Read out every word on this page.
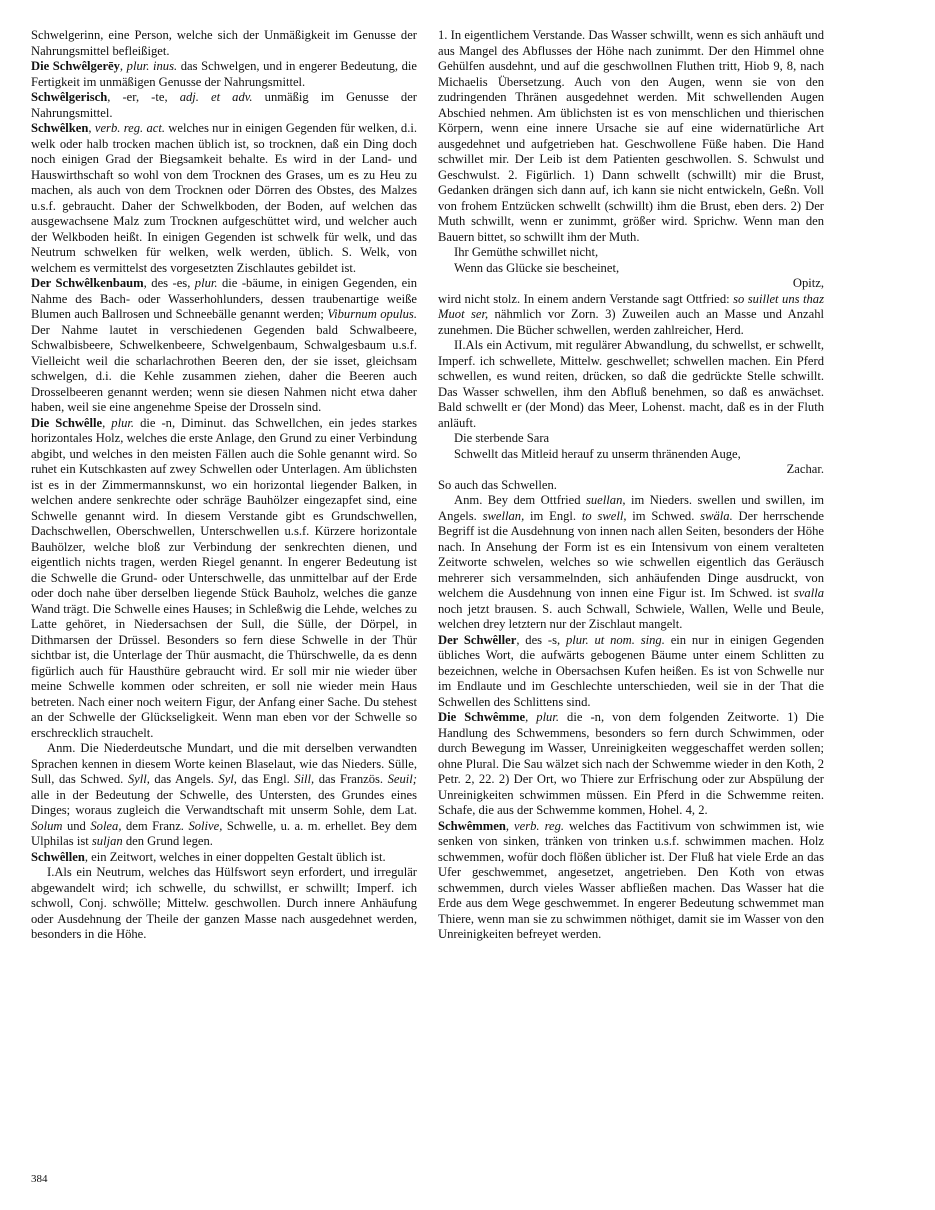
Schwelgerinn, eine Person, welche sich der Unmäßigkeit im Genusse der Nahrungsmittel befleißiget.

Die Schwêlgerēy, plur. inus. das Schwelgen, und in engerer Bedeutung, die Fertigkeit im unmäßigen Genusse der Nahrungsmittel.

Schwêlgerisch, -er, -te, adj. et adv. unmäßig im Genusse der Nahrungsmittel.

Schwêlken, verb. reg. act. welches nur in einigen Gegenden für welken, d.i. welk oder halb trocken machen üblich ist, so trocknen, daß ein Ding doch noch einigen Grad der Biegsamkeit behalte. Es wird in der Land- und Hauswirthschaft so wohl von dem Trocknen des Grases, um es zu Heu zu machen, als auch von dem Trocknen oder Dörren des Obstes, des Malzes u.s.f. gebraucht. Daher der Schwelkboden, der Boden, auf welchen das ausgewachsene Malz zum Trocknen aufgeschüttet wird, und welcher auch der Welkboden heißt. In einigen Gegenden ist schwelk für welk, und das Neutrum schwelken für welken, welk werden, üblich. S. Welk, von welchem es vermittelst des vorgesetzten Zischlautes gebildet ist.

Der Schwêlkenbaum, des -es, plur. die -bäume, in einigen Gegenden, ein Nahme des Bach- oder Wasserhohlunders, dessen traubenartige weiße Blumen auch Ballrosen und Schneebälle genannt werden; Viburnum opulus. Der Nahme lautet in verschiedenen Gegenden bald Schwalbeere, Schwalbisbeere, Schwelkenbeere, Schwelgenbaum, Schwalgesbaum u.s.f. Vielleicht weil die scharlachrothen Beeren den, der sie isset, gleichsam schwelgen, d.i. die Kehle zusammen ziehen, daher die Beeren auch Drosselbeeren genannt werden; wenn sie diesen Nahmen nicht etwa daher haben, weil sie eine angenehme Speise der Drosseln sind.

Die Schwêlle, plur. die -n, Diminut. das Schwellchen, ein jedes starkes horizontales Holz, welches die erste Anlage, den Grund zu einer Verbindung abgibt, und welches in den meisten Fällen auch die Sohle genannt wird. So ruhet ein Kutschkasten auf zwey Schwellen oder Unterlagen. Am üblichsten ist es in der Zimmermannskunst, wo ein horizontal liegender Balken, in welchen andere senkrechte oder schräge Bauhölzer eingezapfet sind, eine Schwelle genannt wird. In diesem Verstande gibt es Grundschwellen, Dachschwellen, Oberschwellen, Unterschwellen u.s.f. Kürzere horizontale Bauhölzer, welche bloß zur Verbindung der senkrechten dienen, und eigentlich nichts tragen, werden Riegel genannt. In engerer Bedeutung ist die Schwelle die Grund- oder Unterschwelle, das unmittelbar auf der Erde oder doch nahe über derselben liegende Stück Bauholz, welches die ganze Wand trägt. Die Schwelle eines Hauses; in Schleßwig die Lehde, welches zu Latte gehöret, in Niedersachsen der Sull, die Sülle, der Dörpel, in Dithmarsen der Drüssel. Besonders so fern diese Schwelle in der Thür sichtbar ist, die Unterlage der Thür ausmacht, die Thürschwelle, da es denn figürlich auch für Hausthüre gebraucht wird. Er soll mir nie wieder über meine Schwelle kommen oder schreiten, er soll nie wieder mein Haus betreten. Nach einer noch weitern Figur, der Anfang einer Sache. Du stehest an der Schwelle der Glückseligkeit. Wenn man eben vor der Schwelle so erschrecklich strauchelt.

Anm. Die Niederdeutsche Mundart, und die mit derselben verwandten Sprachen kennen in diesem Worte keinen Blaselaut, wie das Nieders. Sülle, Sull, das Schwed. Syll, das Angels. Syl, das Engl. Sill, das Französ. Seuil; alle in der Bedeutung der Schwelle, des Untersten, des Grundes eines Dinges; woraus zugleich die Verwandtschaft mit unserm Sohle, dem Lat. Solum und Solea, dem Franz. Solive, Schwelle, u. a. m. erhellet. Bey dem Ulphilas ist suljan den Grund legen.

Schwêllen, ein Zeitwort, welches in einer doppelten Gestalt üblich ist.

I.Als ein Neutrum, welches das Hülfswort seyn erfordert, und irregulär abgewandelt wird; ich schwelle, du schwillst, er schwillt; Imperf. ich schwoll, Conj. schwölle; Mittelw. geschwollen. Durch innere Anhäufung oder Ausdehnung der Theile der ganzen Masse nach ausgedehnet werden, besonders in die Höhe.

1. In eigentlichem Verstande. Das Wasser schwillt, wenn es sich anhäuft und aus Mangel des Abflusses der Höhe nach zunimmt. Der den Himmel ohne Gehülfen ausdehnt, und auf die geschwollnen Fluthen tritt, Hiob 9, 8, nach Michaelis Übersetzung. Auch von den Augen, wenn sie von den zudringenden Thränen ausgedehnet werden. Mit schwellenden Augen Abschied nehmen. Am üblichsten ist es von menschlichen und thierischen Körpern, wenn eine innere Ursache sie auf eine widernatürliche Art ausgedehnet und aufgetrieben hat. Geschwollene Füße haben. Die Hand schwillet mir. Der Leib ist dem Patienten geschwollen. S. Schwulst und Geschwulst. 2. Figürlich. 1) Dann schwellt (schwillt) mir die Brust, Gedanken drängen sich dann auf, ich kann sie nicht entwickeln, Geßn. Voll von frohem Entzücken schwellt (schwillt) ihm die Brust, eben ders. 2) Der Muth schwillt, wenn er zunimmt, größer wird. Sprichw. Wenn man den Bauern bittet, so schwillt ihm der Muth.

Ihr Gemüthe schwillet nicht,

Wenn das Glücke sie bescheinet,

Opitz,

wird nicht stolz. In einem andern Verstande sagt Ottfried: so suillet uns thaz Muot ser, nähmlich vor Zorn. 3) Zuweilen auch an Masse und Anzahl zunehmen. Die Bücher schwellen, werden zahlreicher, Herd.

II.Als ein Activum, mit regulärer Abwandlung, du schwellst, er schwellt, Imperf. ich schwellete, Mittelw. geschwellet; schwellen machen. Ein Pferd schwellen, es wund reiten, drücken, so daß die gedrückte Stelle schwillt. Das Wasser schwellen, ihm den Abfluß benehmen, so daß es anwächset. Bald schwellt er (der Mond) das Meer, Lohenst. macht, daß es in der Fluth anläuft.

Die sterbende Sara

Schwellt das Mitleid herauf zu unserm thränenden Auge,

Zachar.

So auch das Schwellen.

Anm. Bey dem Ottfried suellan, im Nieders. swellen und swillen, im Angels. swellan, im Engl. to swell, im Schwed. swäla. Der herrschende Begriff ist die Ausdehnung von innen nach allen Seiten, besonders der Höhe nach. In Ansehung der Form ist es ein Intensivum von einem veralteten Zeitworte schwelen, welches so wie schwellen eigentlich das Geräusch mehrerer sich versammelnden, sich anhäufenden Dinge ausdruckt, von welchem die Ausdehnung von innen eine Figur ist. Im Schwed. ist svalla noch jetzt brausen. S. auch Schwall, Schwiele, Wallen, Welle und Beule, welchen drey letztern nur der Zischlaut mangelt.

Der Schwêller, des -s, plur. ut nom. sing. ein nur in einigen Gegenden übliches Wort, die aufwärts gebogenen Bäume unter einem Schlitten zu bezeichnen, welche in Obersachsen Kufen heißen. Es ist von Schwelle nur im Endlaute und im Geschlechte unterschieden, weil sie in der That die Schwellen des Schlittens sind.

Die Schwêmme, plur. die -n, von dem folgenden Zeitworte. 1) Die Handlung des Schwemmens, besonders so fern durch Schwimmen, oder durch Bewegung im Wasser, Unreinigkeiten weggeschaffet werden sollen; ohne Plural. Die Sau wälzet sich nach der Schwemme wieder in den Koth, 2 Petr. 2, 22. 2) Der Ort, wo Thiere zur Erfrischung oder zur Abspülung der Unreinigkeiten schwimmen müssen. Ein Pferd in die Schwemme reiten. Schafe, die aus der Schwemme kommen, Hohel. 4, 2.

Schwêmmen, verb. reg. welches das Factitivum von schwimmen ist, wie senken von sinken, tränken von trinken u.s.f. schwimmen machen. Holz schwemmen, wofür doch flößen üblicher ist. Der Fluß hat viele Erde an das Ufer geschwemmet, angesetzet, angetrieben. Den Koth von etwas schwemmen, durch vieles Wasser abfließen machen. Das Wasser hat die Erde aus dem Wege geschwemmet. In engerer Bedeutung schwemmet man Thiere, wenn man sie zu schwimmen nöthiget, damit sie im Wasser von den Unreinigkeiten befreyet werden.

384
